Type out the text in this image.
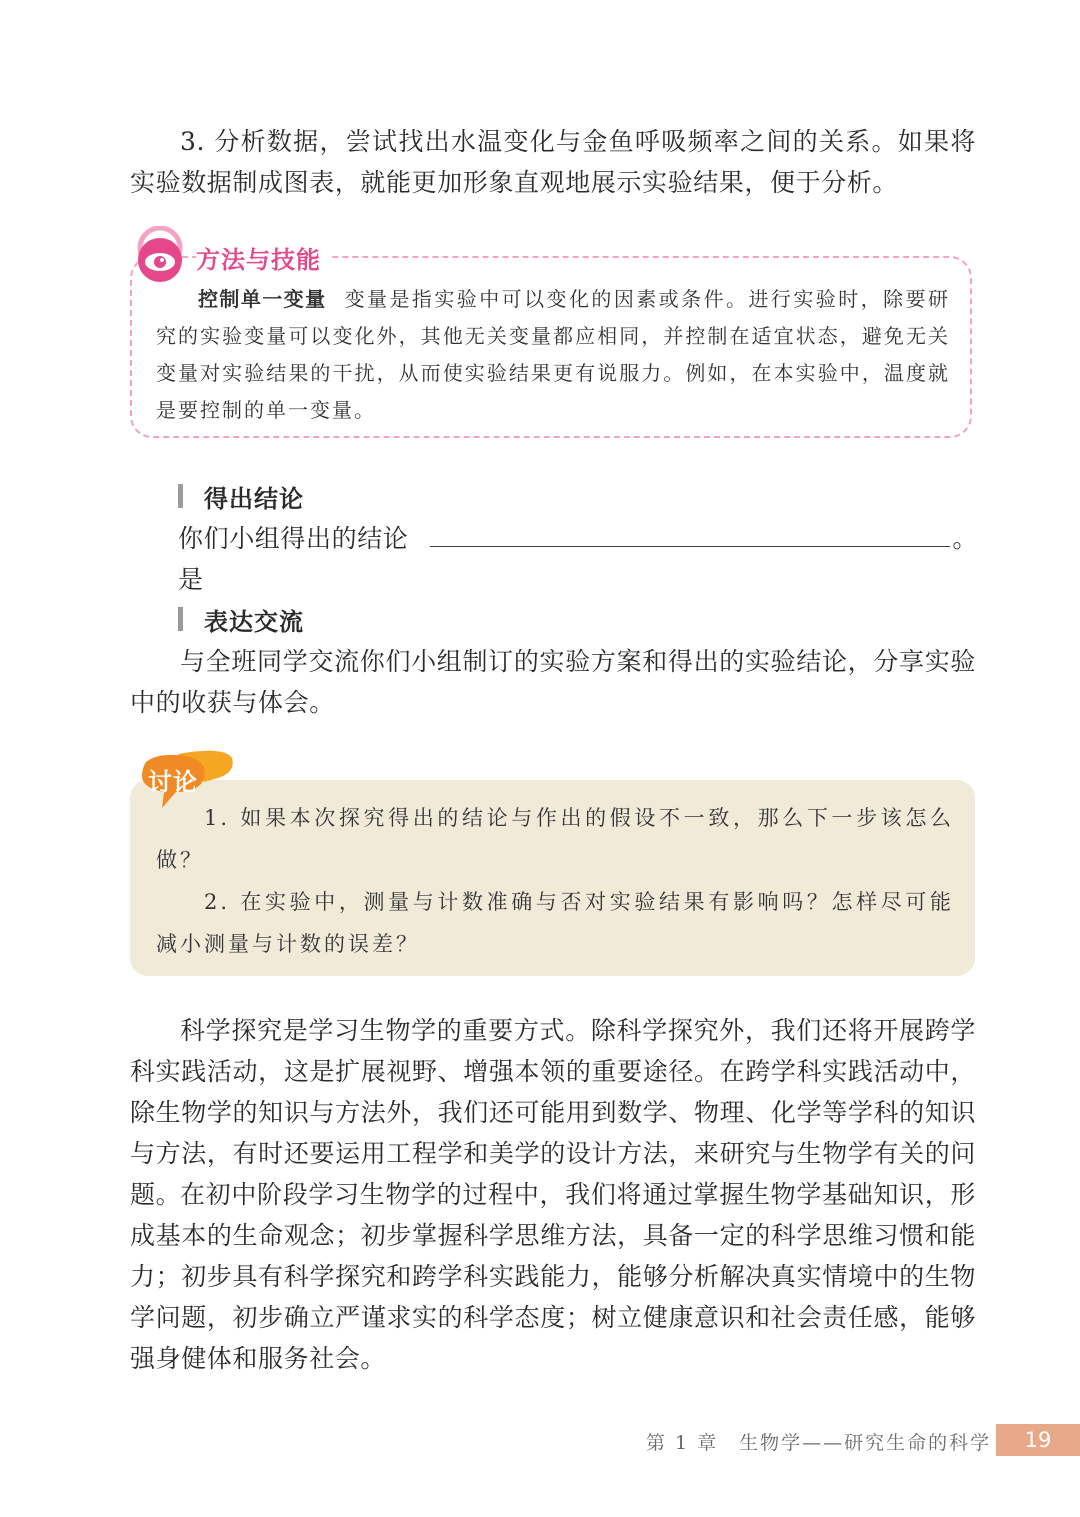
3. 分析数据，尝试找出水温变化与金鱼呼吸频率之间的关系。如果将实验数据制成图表，就能更加形象直观地展示实验结果，便于分析。

方法与技能

控制单一变量 变量是指实验中可以变化的因素或条件。进行实验时，除要研究的实验变量可以变化外，其他无关变量都应相同，并控制在适宜状态，避免无关变量对实验结果的干扰，从而使实验结果更有说服力。例如，在本实验中，温度就是要控制的单一变量。

得出结论
你们小组得出的结论是
。
表达交流

与全班同学交流你们小组制订的实验方案和得出的实验结论，分享实验中的收获与体会。

讨论

1. 如果本次探究得出的结论与作出的假设不一致，那么下一步该怎么做？

2. 在实验中，测量与计数准确与否对实验结果有影响吗？怎样尽可能减小测量与计数的误差？

科学探究是学习生物学的重要方式。除科学探究外，我们还将开展跨学科实践活动，这是扩展视野、增强本领的重要途径。在跨学科实践活动中，除生物学的知识与方法外，我们还可能用到数学、物理、化学等学科的知识与方法，有时还要运用工程学和美学的设计方法，来研究与生物学有关的问题。

在初中阶段学习生物学的过程中，我们将通过掌握生物学基础知识，形成基本的生命观念；初步掌握科学思维方法，具备一定的科学思维习惯和能力；初步具有科学探究和跨学科实践能力，能够分析解决真实情境中的生物学问题，初步确立严谨求实的科学态度；树立健康意识和社会责任感，能够强身健体和服务社会。

第 1 章　生物学——研究生命的科学	19
